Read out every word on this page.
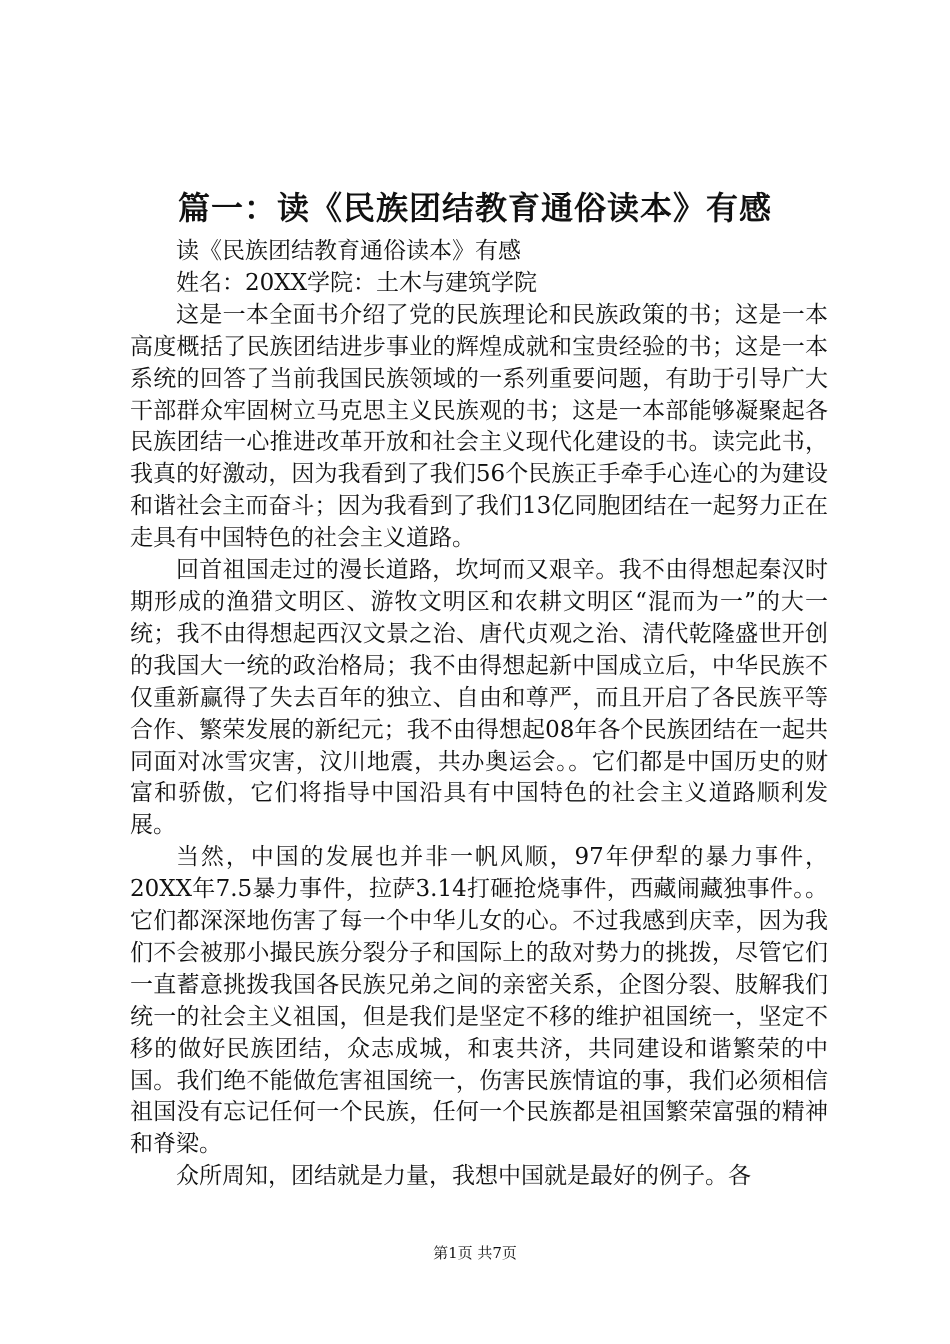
篇一：读《民族团结教育通俗读本》有感

读《民族团结教育通俗读本》有感

姓名：20XX学院：土木与建筑学院

这是一本全面书介绍了党的民族理论和民族政策的书；这是一本高度概括了民族团结进步事业的辉煌成就和宝贵经验的书；这是一本系统的回答了当前我国民族领域的一系列重要问题，有助于引导广大干部群众牢固树立马克思主义民族观的书；这是一本部能够凝聚起各民族团结一心推进改革开放和社会主义现代化建设的书。读完此书，我真的好激动，因为我看到了我们56个民族正手牵手心连心的为建设和谐社会主而奋斗；因为我看到了我们13亿同胞团结在一起努力正在走具有中国特色的社会主义道路。

回首祖国走过的漫长道路，坎坷而又艰辛。我不由得想起秦汉时期形成的渔猎文明区、游牧文明区和农耕文明区“混而为一”的大一统；我不由得想起西汉文景之治、唐代贞观之治、清代乾隆盛世开创的我国大一统的政治格局；我不由得想起新中国成立后，中华民族不仅重新赢得了失去百年的独立、自由和尊严，而且开启了各民族平等合作、繁荣发展的新纪元；我不由得想起08年各个民族团结在一起共同面对冰雪灾害，汶川地震，共办奥运会。。它们都是中国历史的财富和骄傲，它们将指导中国沿具有中国特色的社会主义道路顺利发展。

当然，中国的发展也并非一帆风顺，97年伊犁的暴力事件，20XX年7.5暴力事件，拉萨3.14打砸抢烧事件，西藏闹藏独事件。。它们都深深地伤害了每一个中华儿女的心。不过我感到庆幸，因为我们不会被那小撮民族分裂分子和国际上的敌对势力的挑拨，尽管它们一直蓄意挑拨我国各民族兄弟之间的亲密关系，企图分裂、肢解我们统一的社会主义祖国，但是我们是坚定不移的维护祖国统一，坚定不移的做好民族团结，众志成城，和衷共济，共同建设和谐繁荣的中国。我们绝不能做危害祖国统一，伤害民族情谊的事，我们必须相信祖国没有忘记任何一个民族，任何一个民族都是祖国繁荣富强的精神和脊梁。

众所周知，团结就是力量，我想中国就是最好的例子。各

第1页 共7页
